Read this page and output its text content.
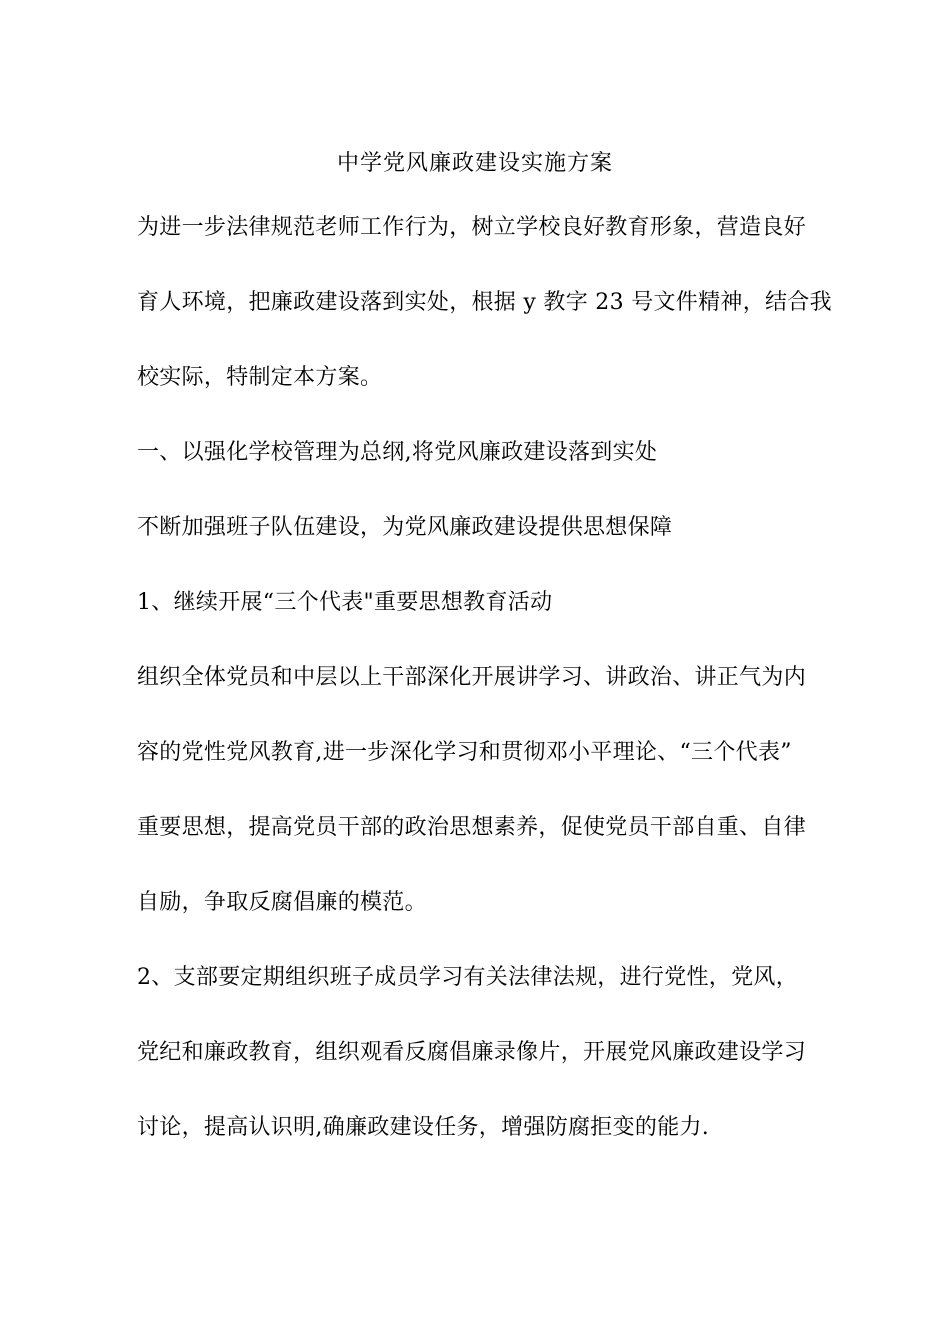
中学党风廉政建设实施方案
为进一步法律规范老师工作行为，树立学校良好教育形象，营造良好
育人环境，把廉政建设落到实处，根据 y 教字 23 号文件精神，结合我
校实际，特制定本方案。
一、以强化学校管理为总纲,将党风廉政建设落到实处
不断加强班子队伍建设，为党风廉政建设提供思想保障
1、继续开展“三个代表"重要思想教育活动
组织全体党员和中层以上干部深化开展讲学习、讲政治、讲正气为内
容的党性党风教育,进一步深化学习和贯彻邓小平理论、“三个代表”
重要思想，提高党员干部的政治思想素养，促使党员干部自重、自律
自励，争取反腐倡廉的模范。
2、支部要定期组织班子成员学习有关法律法规，进行党性，党风，
党纪和廉政教育，组织观看反腐倡廉录像片，开展党风廉政建设学习
讨论，提高认识明,确廉政建设任务，增强防腐拒变的能力.
